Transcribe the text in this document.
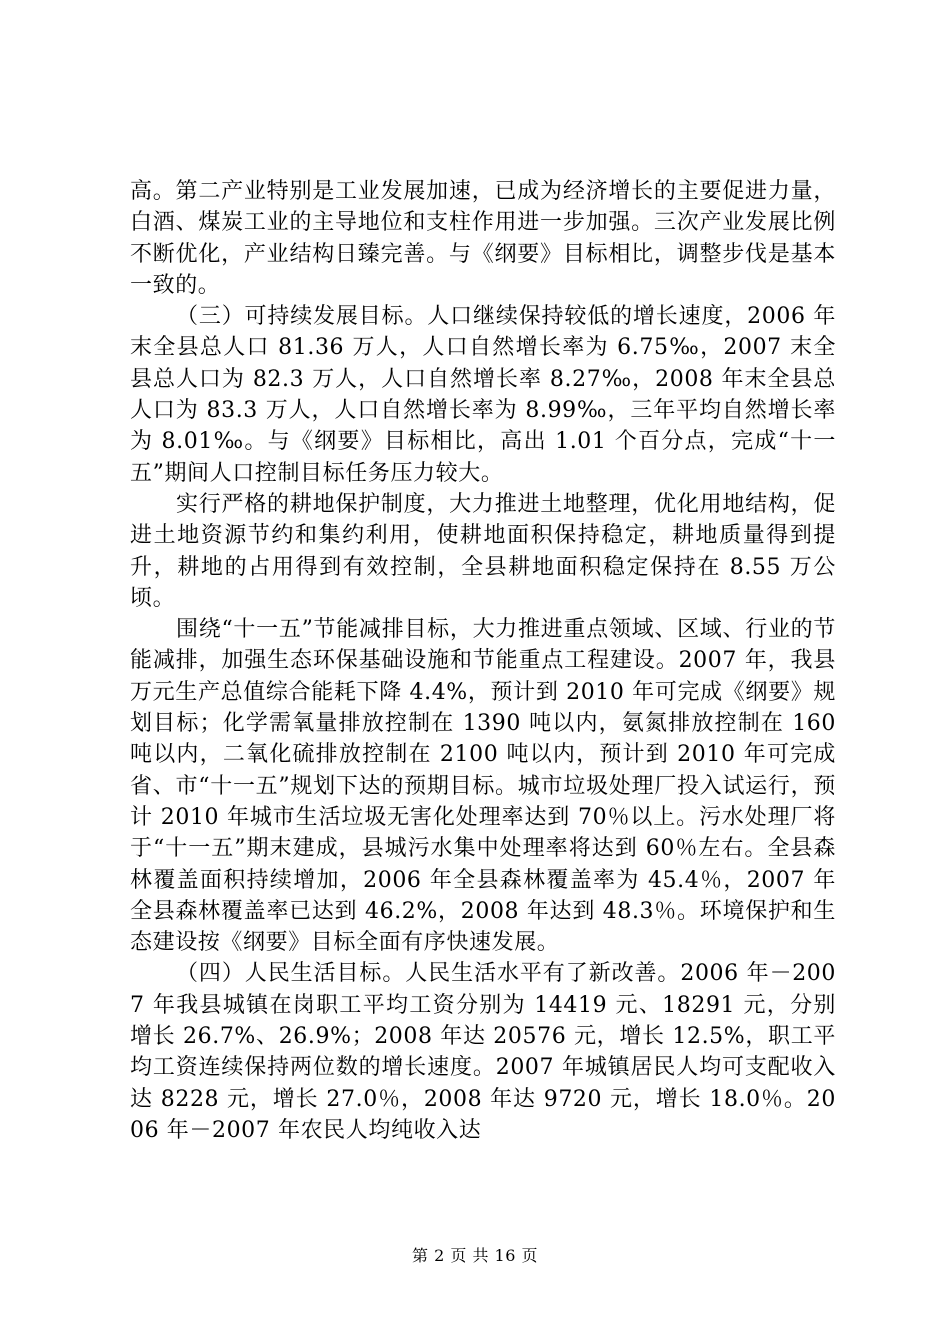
高。第二产业特别是工业发展加速，已成为经济增长的主要促进力量，白酒、煤炭工业的主导地位和支柱作用进一步加强。三次产业发展比例不断优化，产业结构日臻完善。与《纲要》目标相比，调整步伐是基本一致的。

（三）可持续发展目标。人口继续保持较低的增长速度，2006 年末全县总人口 81.36 万人，人口自然增长率为 6.75‰，2007 末全县总人口为 82.3 万人，人口自然增长率 8.27‰，2008 年末全县总人口为 83.3 万人，人口自然增长率为 8.99‰，三年平均自然增长率为 8.01‰。与《纲要》目标相比，高出 1.01 个百分点，完成“十一五”期间人口控制目标任务压力较大。

实行严格的耕地保护制度，大力推进土地整理，优化用地结构，促进土地资源节约和集约利用，使耕地面积保持稳定，耕地质量得到提升，耕地的占用得到有效控制，全县耕地面积稳定保持在 8.55 万公顷。

围绕“十一五”节能减排目标，大力推进重点领域、区域、行业的节能减排，加强生态环保基础设施和节能重点工程建设。2007 年，我县万元生产总值综合能耗下降 4.4%，预计到 2010 年可完成《纲要》规划目标；化学需氧量排放控制在 1390 吨以内，氨氮排放控制在 160 吨以内，二氧化硫排放控制在 2100 吨以内，预计到 2010 年可完成省、市“十一五”规划下达的预期目标。城市垃圾处理厂投入试运行，预计 2010 年城市生活垃圾无害化处理率达到 70％以上。污水处理厂将于“十一五”期末建成，县城污水集中处理率将达到 60％左右。全县森林覆盖面积持续增加，2006 年全县森林覆盖率为 45.4％，2007 年全县森林覆盖率已达到 46.2%，2008 年达到 48.3％。环境保护和生态建设按《纲要》目标全面有序快速发展。

（四）人民生活目标。人民生活水平有了新改善。2006 年－2007 年我县城镇在岗职工平均工资分别为 14419 元、18291 元，分别增长 26.7%、26.9%；2008 年达 20576 元，增长 12.5%，职工平均工资连续保持两位数的增长速度。2007 年城镇居民人均可支配收入达 8228 元，增长 27.0％，2008 年达 9720 元，增长 18.0％。2006 年－2007 年农民人均纯收入达

第 2 页 共 16 页
